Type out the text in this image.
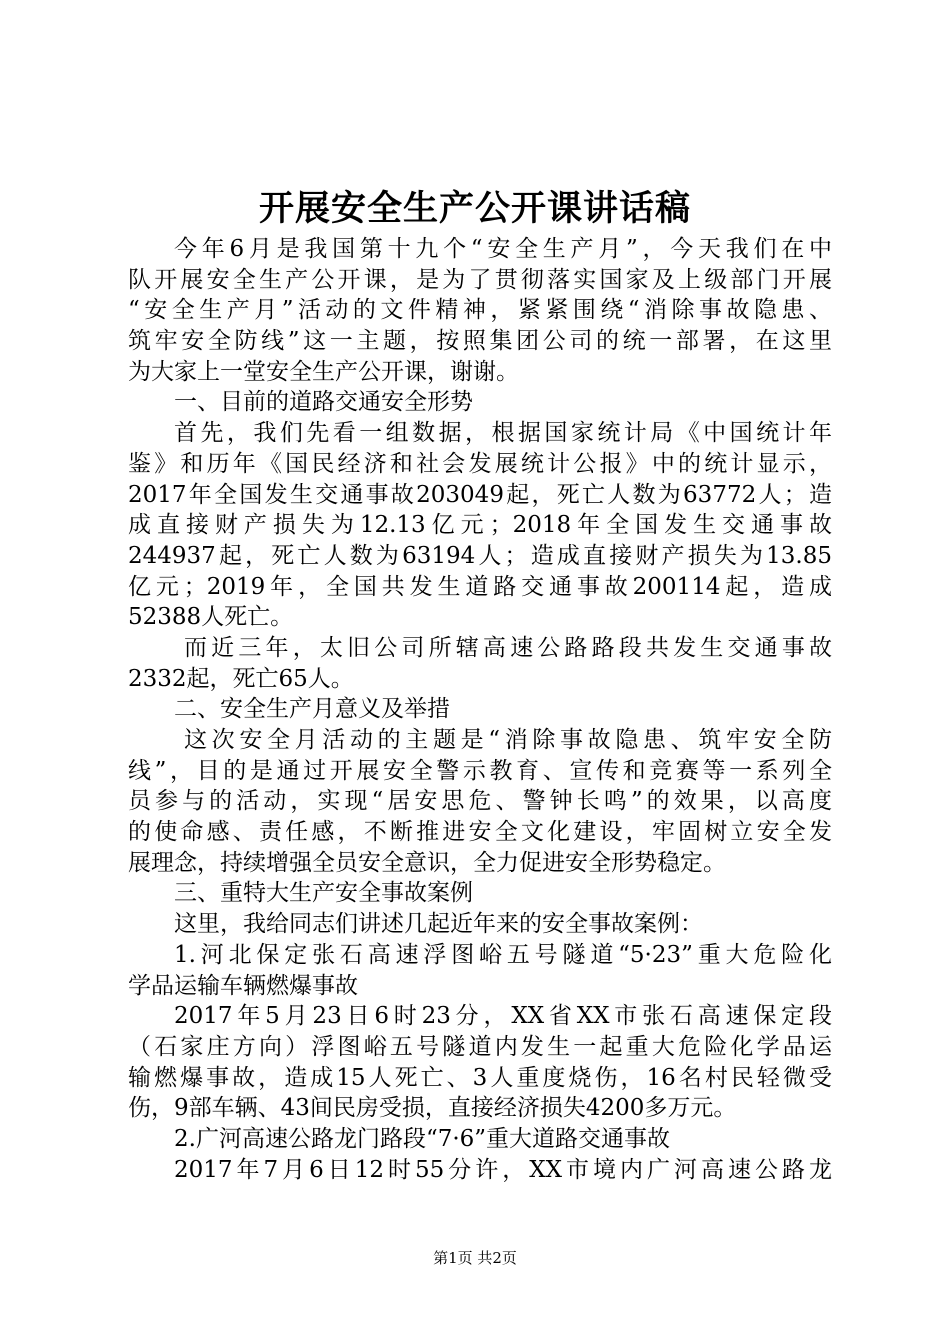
开展安全生产公开课讲话稿
今年6月是我国第十九个“安全生产月”，今天我们在中
队开展安全生产公开课，是为了贯彻落实国家及上级部门开展
“安全生产月”活动的文件精神，紧紧围绕“消除事故隐患、
筑牢安全防线”这一主题，按照集团公司的统一部署，在这里
为大家上一堂安全生产公开课，谢谢。
一、目前的道路交通安全形势
首先，我们先看一组数据，根据国家统计局《中国统计年
鉴》和历年《国民经济和社会发展统计公报》中的统计显示，
2017年全国发生交通事故203049起，死亡人数为63772人；造
成直接财产损失为12.13亿元；2018年全国发生交通事故
244937起，死亡人数为63194人；造成直接财产损失为13.85
亿元；2019年，全国共发生道路交通事故200114起，造成
52388人死亡。
而近三年，太旧公司所辖高速公路路段共发生交通事故
2332起，死亡65人。
二、安全生产月意义及举措
这次安全月活动的主题是“消除事故隐患、筑牢安全防
线”，目的是通过开展安全警示教育、宣传和竞赛等一系列全
员参与的活动，实现“居安思危、警钟长鸣”的效果，以高度
的使命感、责任感，不断推进安全文化建设，牢固树立安全发
展理念，持续增强全员安全意识，全力促进安全形势稳定。
三、重特大生产安全事故案例
这里，我给同志们讲述几起近年来的安全事故案例：
1.河北保定张石高速浮图峪五号隧道“5·23”重大危险化
学品运输车辆燃爆事故
2017年5月23日6时23分，XX省XX市张石高速保定段
（石家庄方向）浮图峪五号隧道内发生一起重大危险化学品运
输燃爆事故，造成15人死亡、3人重度烧伤，16名村民轻微受
伤，9部车辆、43间民房受损，直接经济损失4200多万元。
2.广河高速公路龙门路段“7·6”重大道路交通事故
2017年7月6日12时55分许，XX市境内广河高速公路龙
第1页 共2页
